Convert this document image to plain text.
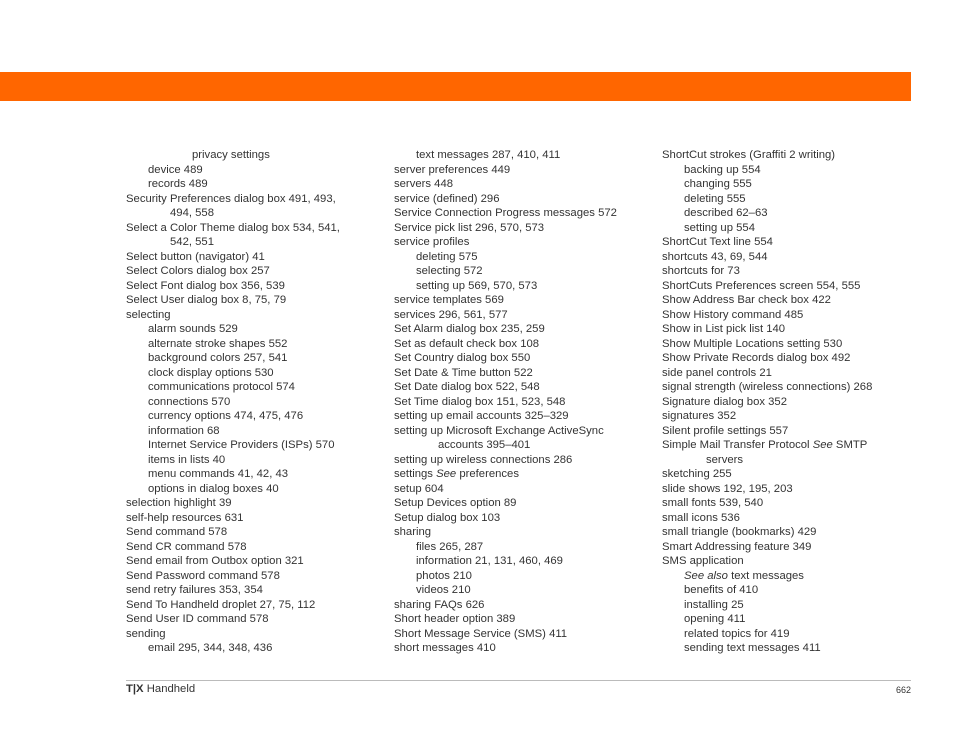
privacy settings
device 489
records 489
Security Preferences dialog box 491, 493,
494, 558
Select a Color Theme dialog box 534, 541,
542, 551
Select button (navigator) 41
Select Colors dialog box 257
Select Font dialog box 356, 539
Select User dialog box 8, 75, 79
selecting
alarm sounds 529
alternate stroke shapes 552
background colors 257, 541
clock display options 530
communications protocol 574
connections 570
currency options 474, 475, 476
information 68
Internet Service Providers (ISPs) 570
items in lists 40
menu commands 41, 42, 43
options in dialog boxes 40
selection highlight 39
self-help resources 631
Send command 578
Send CR command 578
Send email from Outbox option 321
Send Password command 578
send retry failures 353, 354
Send To Handheld droplet 27, 75, 112
Send User ID command 578
sending
email 295, 344, 348, 436
text messages 287, 410, 411
server preferences 449
servers 448
service (defined) 296
Service Connection Progress messages 572
Service pick list 296, 570, 573
service profiles
deleting 575
selecting 572
setting up 569, 570, 573
service templates 569
services 296, 561, 577
Set Alarm dialog box 235, 259
Set as default check box 108
Set Country dialog box 550
Set Date & Time button 522
Set Date dialog box 522, 548
Set Time dialog box 151, 523, 548
setting up email accounts 325–329
setting up Microsoft Exchange ActiveSync
accounts 395–401
setting up wireless connections 286
settings See preferences
setup 604
Setup Devices option 89
Setup dialog box 103
sharing
files 265, 287
information 21, 131, 460, 469
photos 210
videos 210
sharing FAQs 626
Short header option 389
Short Message Service (SMS) 411
short messages 410
ShortCut strokes (Graffiti 2 writing)
backing up 554
changing 555
deleting 555
described 62–63
setting up 554
ShortCut Text line 554
shortcuts 43, 69, 544
shortcuts for 73
ShortCuts Preferences screen 554, 555
Show Address Bar check box 422
Show History command 485
Show in List pick list 140
Show Multiple Locations setting 530
Show Private Records dialog box 492
side panel controls 21
signal strength (wireless connections) 268
Signature dialog box 352
signatures 352
Silent profile settings 557
Simple Mail Transfer Protocol See SMTP
servers
sketching 255
slide shows 192, 195, 203
small fonts 539, 540
small icons 536
small triangle (bookmarks) 429
Smart Addressing feature 349
SMS application
See also text messages
benefits of 410
installing 25
opening 411
related topics for 419
sending text messages 411
T|X Handheld	662
